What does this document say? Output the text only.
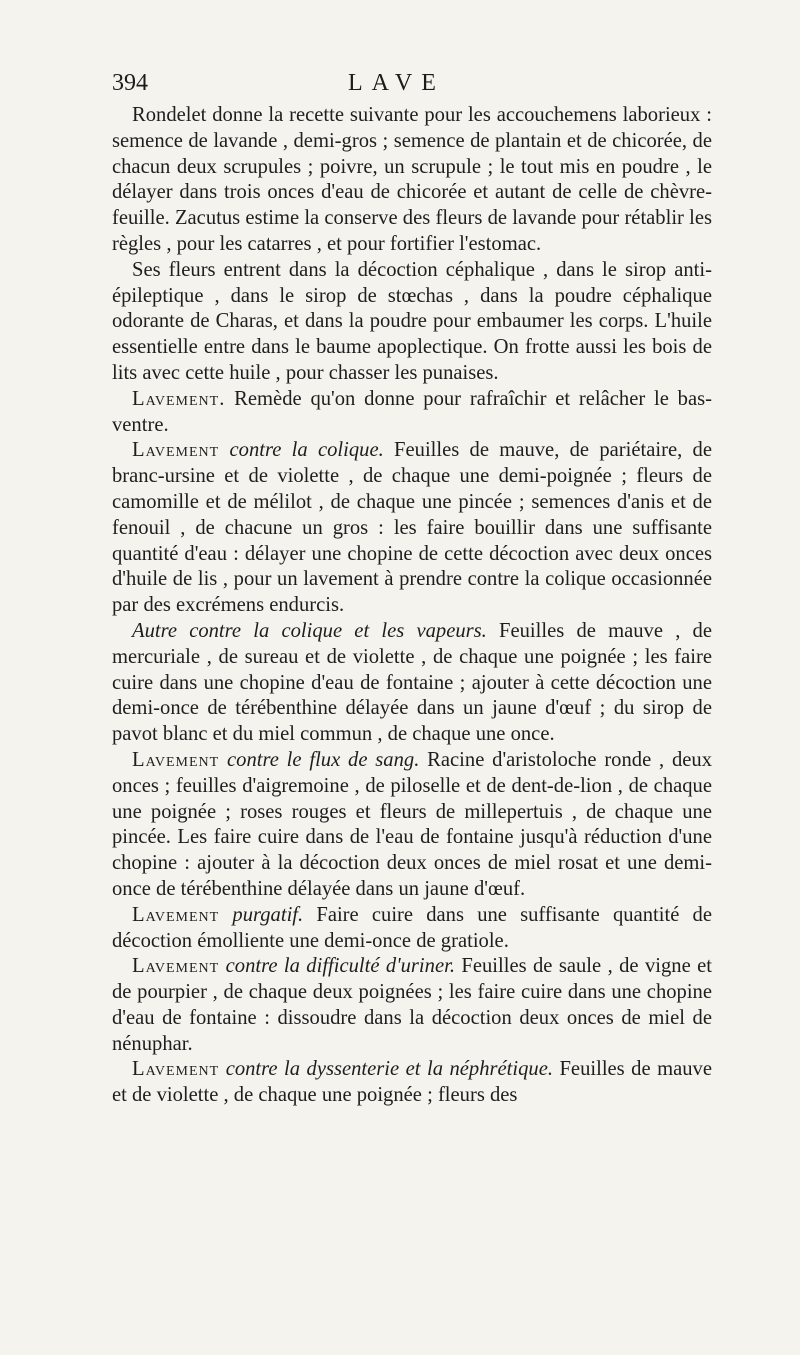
394	LAVE

Rondelet donne la recette suivante pour les accouchemens laborieux : semence de lavande , demi-gros ; semence de plantain et de chicorée, de chacun deux scrupules ; poivre, un scrupule ; le tout mis en poudre , le délayer dans trois onces d'eau de chicorée et autant de celle de chèvre-feuille. Zacutus estime la conserve des fleurs de lavande pour rétablir les règles , pour les catarres , et pour fortifier l'estomac.

Ses fleurs entrent dans la décoction céphalique , dans le sirop anti-épileptique , dans le sirop de stœchas , dans la poudre céphalique odorante de Charas, et dans la poudre pour embaumer les corps. L'huile essentielle entre dans le baume apoplectique. On frotte aussi les bois de lits avec cette huile , pour chasser les punaises.

Lavement. Remède qu'on donne pour rafraîchir et relâcher le bas-ventre.

Lavement contre la colique. Feuilles de mauve, de pariétaire, de branc-ursine et de violette , de chaque une demi-poignée ; fleurs de camomille et de mélilot , de chaque une pincée ; semences d'anis et de fenouil , de chacune un gros : les faire bouillir dans une suffisante quantité d'eau : délayer une chopine de cette décoction avec deux onces d'huile de lis , pour un lavement à prendre contre la colique occasionnée par des excrémens endurcis.

Autre contre la colique et les vapeurs. Feuilles de mauve , de mercuriale , de sureau et de violette , de chaque une poignée ; les faire cuire dans une chopine d'eau de fontaine ; ajouter à cette décoction une demi-once de térébenthine délayée dans un jaune d'œuf ; du sirop de pavot blanc et du miel commun , de chaque une once.

Lavement contre le flux de sang. Racine d'aristoloche ronde , deux onces ; feuilles d'aigremoine , de piloselle et de dent-de-lion , de chaque une poignée ; roses rouges et fleurs de millepertuis , de chaque une pincée. Les faire cuire dans de l'eau de fontaine jusqu'à réduction d'une chopine : ajouter à la décoction deux onces de miel rosat et une demi-once de térébenthine délayée dans un jaune d'œuf.

Lavement purgatif. Faire cuire dans une suffisante quantité de décoction émolliente une demi-once de gratiole.

Lavement contre la difficulté d'uriner. Feuilles de saule , de vigne et de pourpier , de chaque deux poignées ; les faire cuire dans une chopine d'eau de fontaine : dissoudre dans la décoction deux onces de miel de nénuphar.

Lavement contre la dyssenterie et la néphrétique. Feuilles de mauve et de violette , de chaque une poignée ; fleurs des
